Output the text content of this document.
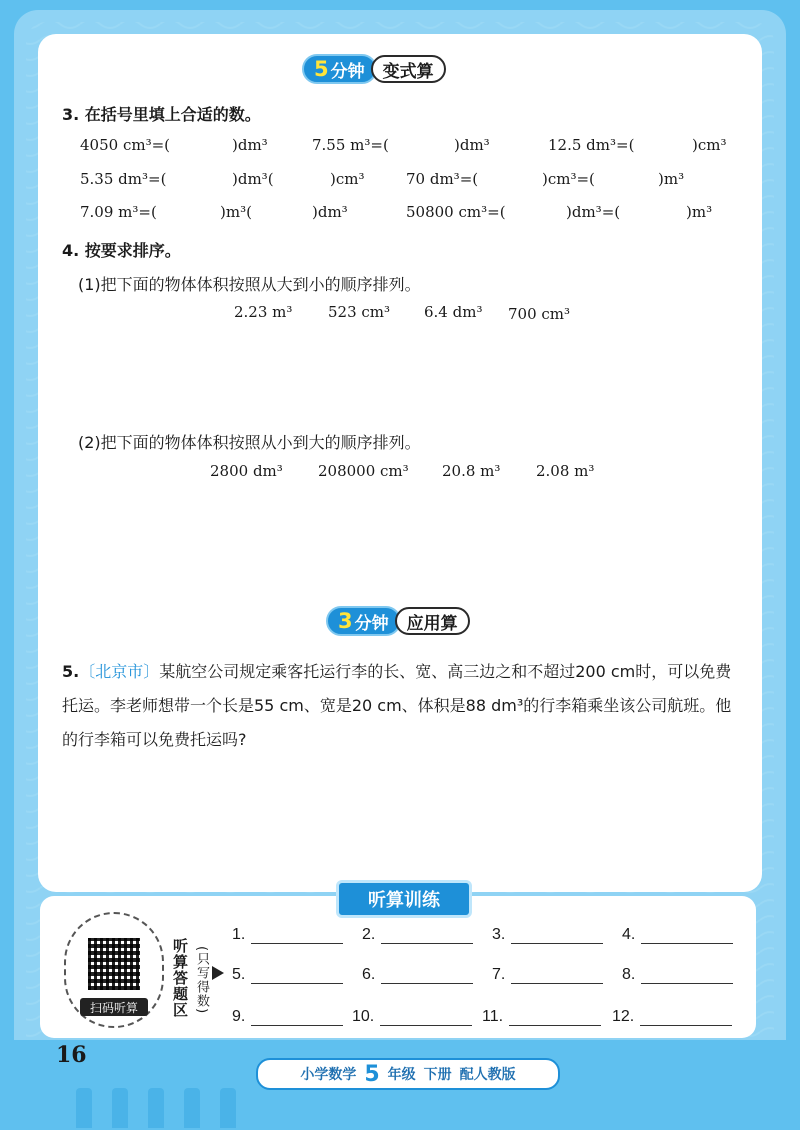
5 分钟	变式算
3. 在括号里填上合适的数。
4050 cm³=(	)dm³	7.55 m³=(	)dm³	12.5 dm³=(	)cm³
5.35 dm³=(	)dm³(	)cm³	70 dm³=(	)cm³=(	)m³
7.09 m³=(	)m³(	)dm³	50800 cm³=(	)dm³=(	)m³
4. 按要求排序。
(1)把下面的物体体积按照从大到小的顺序排列。
2.23 m³ 523 cm³ 6.4 dm³ 700 cm³
(2)把下面的物体体积按照从小到大的顺序排列。
2800 dm³ 208000 cm³ 20.8 m³ 2.08 m³
3 分钟	应用算
5.〔北京市〕某航空公司规定乘客托运行李的长、宽、高三边之和不超过200 cm时，可以免费托运。李老师想带一个长是55 cm、宽是20 cm、体积是88 dm³的行李箱乘坐该公司航班。他的行李箱可以免费托运吗?
听算训练
扫码听算	听算答题区 (只写得数)
1.	2.	3.	4.
5.	6.	7.	8.
9.	10.	11.	12.
16
小学数学 5 年级 下册 配人教版
